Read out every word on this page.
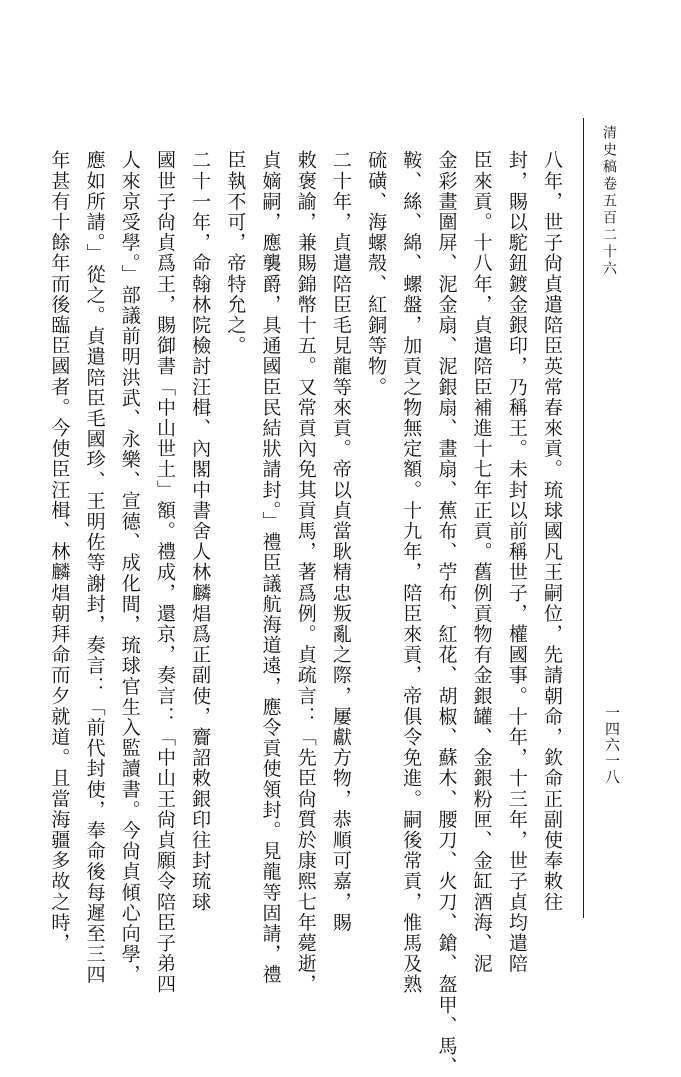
清史稿卷五百二十六
一四六一八
八年，世子尙貞遣陪臣英常春來貢。琉球國凡王嗣位，先請朝命，欽命正副使奉敕往
封，賜以駝鈕鍍金銀印，乃稱王。未封以前稱世子，權國事。十年，十三年，世子貞均遣陪
臣來貢。十八年，貞遣陪臣補進十七年正貢。舊例貢物有金銀罐、金銀粉匣、金缸酒海、泥
金彩畫圍屏、泥金扇、泥銀扇、畫扇、蕉布、苧布、紅花、胡椒、蘇木、腰刀、火刀、鎗、盔甲、馬、
鞍、絲、綿、螺盤，加貢之物無定額。十九年，陪臣來貢，帝俱令免進。嗣後常貢，惟馬及熟
硫磺、海螺殼、紅銅等物。
二十年，貞遣陪臣毛見龍等來貢。帝以貞當耿精忠叛亂之際，屢獻方物，恭順可嘉，賜
敕褒諭，兼賜錦幣十五。又常貢內免其貢馬，著爲例。貞疏言：「先臣尙質於康熙七年薨逝，
貞嫡嗣，應襲爵，具通國臣民結狀請封。」禮臣議航海道遠，應令貢使領封。見龍等固請，禮
臣執不可，帝特允之。
二十一年，命翰林院檢討汪楫、內閣中書舍人林麟焻爲正副使，齎詔敕銀印往封琉球
國世子尙貞爲王，賜御書「中山世土」額。禮成，還京，奏言：「中山王尙貞願令陪臣子弟四
人來京受學。」部議前明洪武、永樂、宣德、成化間，琉球官生入監讀書。今尙貞傾心向學，
應如所請。」從之。貞遣陪臣毛國珍、王明佐等謝封，奏言：「前代封使，奉命後每遲至三四
年甚有十餘年而後臨臣國者。今使臣汪楫、林麟焻朝拜命而夕就道。且當海疆多故之時，
